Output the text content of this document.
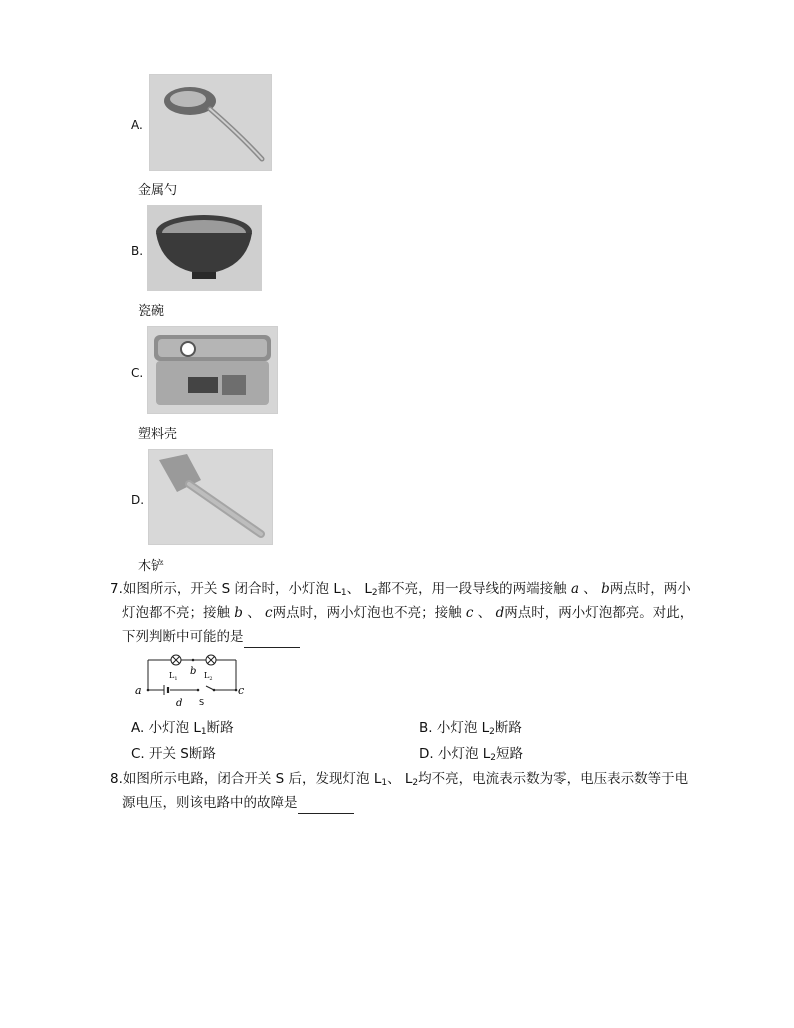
A.
金属勺
B.
瓷碗
C.
塑料壳
D.
木铲
7.如图所示，开关 S 闭合时，小灯泡 $L_1$、 $L_2$都不亮，用一段导线的两端接触 a 、 b两点时，两小
灯泡都不亮；接触 b 、 c两点时，两小灯泡也不亮；接触 c 、 d两点时，两小灯泡都亮。对此，
下列判断中可能的是
$L_1$	$L_2$
b
a	c
d S
A. 小灯泡 $L_1$断路	B. 小灯泡 $L_2$断路
C. 开关 S断路	D. 小灯泡 $L_2$短路
8.如图所示电路，闭合开关 S 后，发现灯泡 $L_1$、 $L_2$均不亮，电流表示数为零，电压表示数等于电
源电压，则该电路中的故障是
